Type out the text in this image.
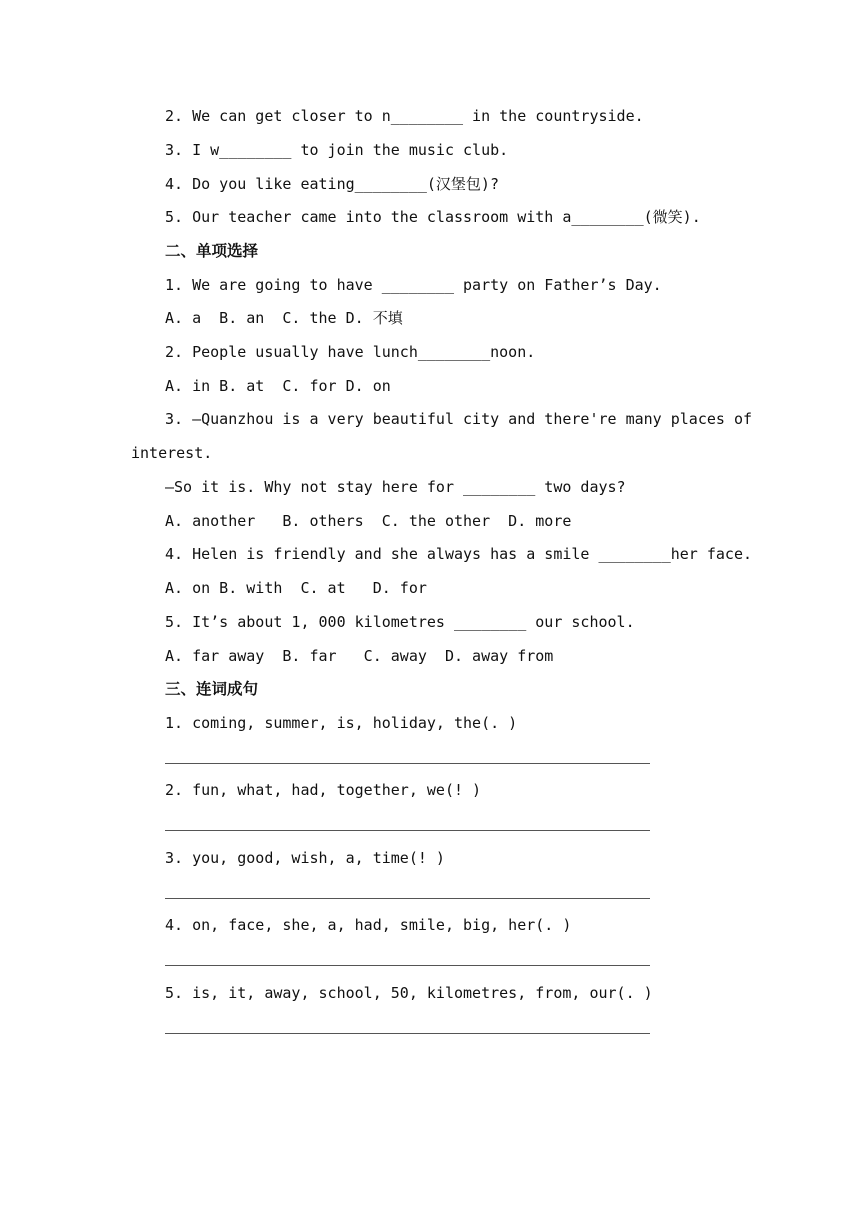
2. We can get closer to n________ in the countryside.
3. I w________ to join the music club.
4. Do you like eating________(汉堡包)?
5. Our teacher came into the classroom with a________(微笑).
二、单项选择
1. We are going to have ________ party on Father’s Day.
A. a  B. an  C. the D. 不填
2. People usually have lunch________noon.
A. in B. at  C. for D. on
3. —Quanzhou is a very beautiful city and there're many places of
interest.
—So it is. Why not stay here for ________ two days?
A. another   B. others  C. the other  D. more
4. Helen is friendly and she always has a smile ________her face.
A. on B. with  C. at   D. for
5. It’s about 1, 000 kilometres ________ our school.
A. far away  B. far   C. away  D. away from
三、连词成句
1. coming, summer, is, holiday, the(. )
2. fun, what, had, together, we(! )
3. you, good, wish, a, time(! )
4. on, face, she, a, had, smile, big, her(. )
5. is, it, away, school, 50, kilometres, from, our(. )
